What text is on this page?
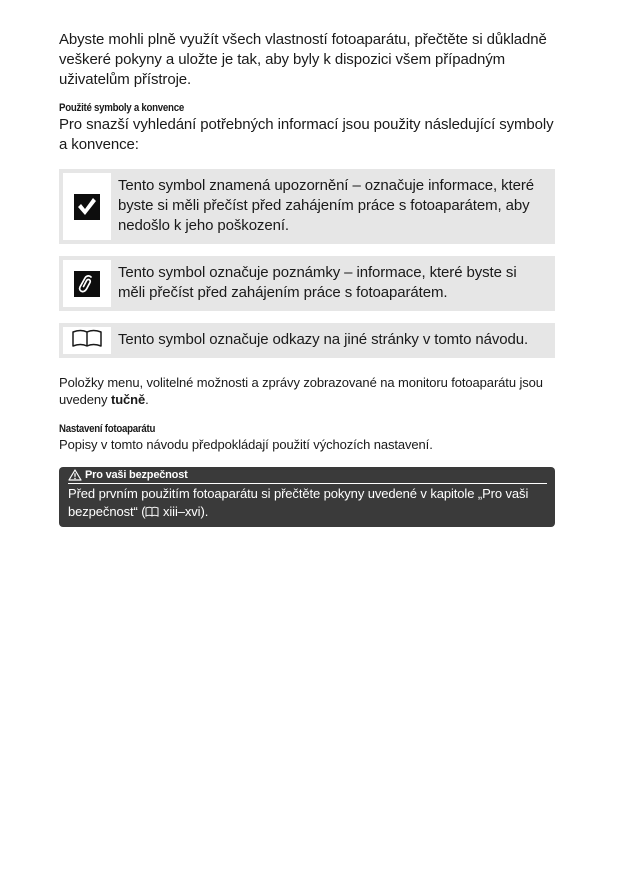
Abyste mohli plně využít všech vlastností fotoaparátu, přečtěte si důkladně veškeré pokyny a uložte je tak, aby byly k dispozici všem případným uživatelům přístroje.

Použité symboly a konvence

Pro snazší vyhledání potřebných informací jsou použity následující symboly a konvence:

Tento symbol znamená upozornění – označuje informace, které byste si měli přečíst před zahájením práce s fotoaparátem, aby nedošlo k jeho poškození.
Tento symbol označuje poznámky – informace, které byste si měli přečíst před zahájením práce s fotoaparátem.
Tento symbol označuje odkazy na jiné stránky v tomto návodu.

Položky menu, volitelné možnosti a zprávy zobrazované na monitoru fotoaparátu jsou uvedeny tučně.

Nastavení fotoaparátu

Popisy v tomto návodu předpokládají použití výchozích nastavení.

Pro vaši bezpečnost
Před prvním použitím fotoaparátu si přečtěte pokyny uvedené v kapitole „Pro vaši bezpečnost“ ( xiii–xvi).
